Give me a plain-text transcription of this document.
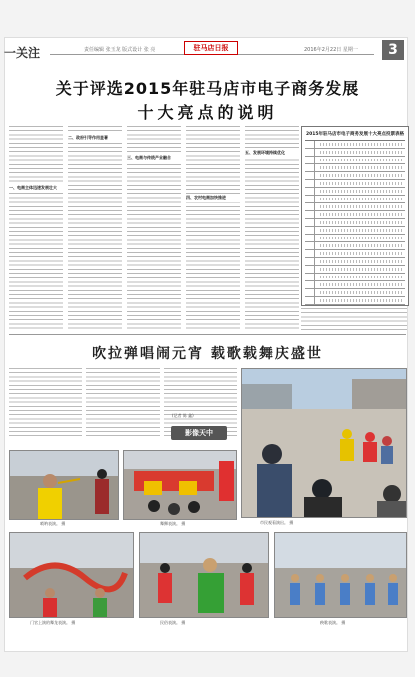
一关注	责任编辑 张玉龙 版式设计 张 亮	驻马店日报	2016年2月22日 星期一	3
关于评选2015年驻马店市电子商务发展
十大亮点的说明
一、电商主体迅速发展壮大
二、政府引导作用显著
三、电商与传统产业融合
四、农村电商加快推进
五、发展环境持续优化
2015年驻马店市电子商务发展十大亮点投票表格
吹拉弹唱闹元宵 载歌载舞庆盛世
(记者 陈 鑫)
影像天中
市民观看演出。 摄
唢呐表演。 摄	舞狮表演。 摄
门官上演的舞龙表演。 摄	民俗表演。 摄	秧歌表演。 摄
